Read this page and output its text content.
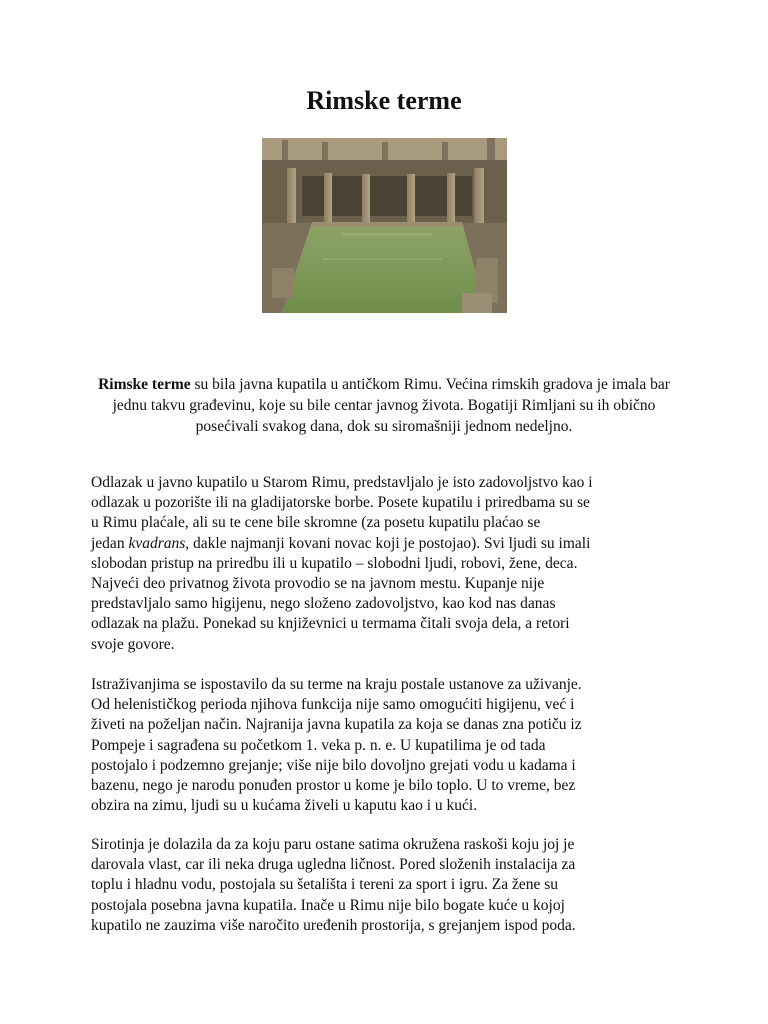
Rimske terme

Rimske terme su bila javna kupatila u antičkom Rimu. Većina rimskih gradova je imala bar jednu takvu građevinu, koje su bile centar javnog života. Bogatiji Rimljani su ih obično posećivali svakog dana, dok su siromašniji jednom nedeljno.

Odlazak u javno kupatilo u Starom Rimu, predstavljalo je isto zadovoljstvo kao i
odlazak u pozorište ili na gladijatorske borbe. Posete kupatilu i priredbama su se
u Rimu plaćale, ali su te cene bile skromne (za posetu kupatilu plaćao se
jedan kvadrans, dakle najmanji kovani novac koji je postojao). Svi ljudi su imali
slobodan pristup na priredbu ili u kupatilo – slobodni ljudi, robovi, žene, deca.
Najveći deo privatnog života provodio se na javnom mestu. Kupanje nije
predstavljalo samo higijenu, nego složeno zadovoljstvo, kao kod nas danas
odlazak na plažu. Ponekad su književnici u termama čitali svoja dela, a retori
svoje govore.
Istraživanjima se ispostavilo da su terme na kraju postale ustanove za uživanje.
Od helenističkog perioda njihova funkcija nije samo omogućiti higijenu, već i
živeti na poželjan način. Najranija javna kupatila za koja se danas zna potiču iz
Pompeje i sagrađena su početkom 1. veka p. n. e. U kupatilima je od tada
postojalo i podzemno grejanje; više nije bilo dovoljno grejati vodu u kadama i
bazenu, nego je narodu ponuđen prostor u kome je bilo toplo. U to vreme, bez
obzira na zimu, ljudi su u kućama živeli u kaputu kao i u kući.
Sirotinja je dolazila da za koju paru ostane satima okružena raskoši koju joj je
darovala vlast, car ili neka druga ugledna ličnost. Pored složenih instalacija za
toplu i hladnu vodu, postojala su šetališta i tereni za sport i igru. Za žene su
postojala posebna javna kupatila. Inače u Rimu nije bilo bogate kuće u kojoj
kupatilo ne zauzima više naročito uređenih prostorija, s grejanjem ispod poda.
